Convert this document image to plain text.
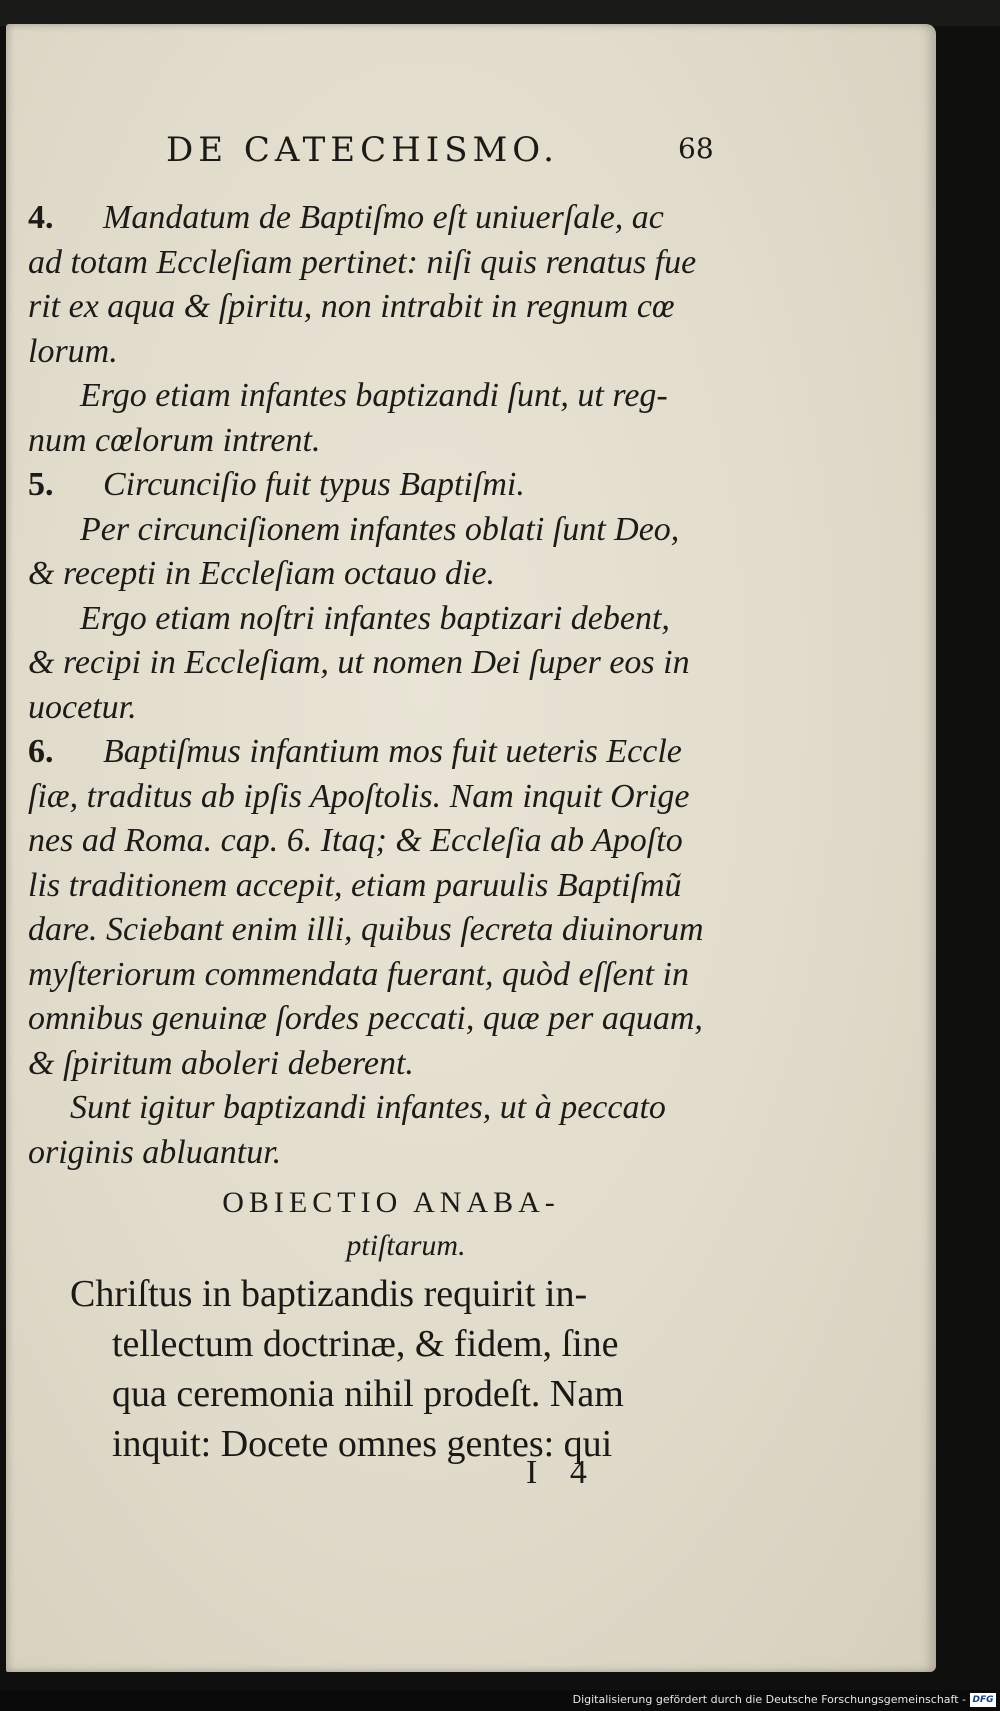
DE CATECHISMO.	68

4. Mandatum de Baptiſmo eſt uniuerſale, ac
ad totam Eccleſiam pertinet: niſi quis renatus fue
rit ex aqua & ſpiritu, non intrabit in regnum cœ
lorum.

Ergo etiam infantes baptizandi ſunt, ut reg-
num cœlorum intrent.

5. Circunciſio fuit typus Baptiſmi.

Per circunciſionem infantes oblati ſunt Deo,
& recepti in Eccleſiam octauo die.

Ergo etiam noſtri infantes baptizari debent,
& recipi in Eccleſiam, ut nomen Dei ſuper eos in
uocetur.

6. Baptiſmus infantium mos fuit ueteris Eccle
ſiæ, traditus ab ipſis Apoſtolis. Nam inquit Orige
nes ad Roma. cap. 6. Itaq; & Eccleſia ab Apoſto
lis traditionem accepit, etiam paruulis Baptiſmũ
dare. Sciebant enim illi, quibus ſecreta diuinorum
myſteriorum commendata fuerant, quòd eſſent in
omnibus genuinæ ſordes peccati, quæ per aquam,
& ſpiritum aboleri deberent.

Sunt igitur baptizandi infantes, ut à peccato
originis abluantur.

OBIECTIO ANABA-
ptiſtarum.

Chriſtus in baptizandis requirit in-

tellectum doctrinæ, & fidem, ſine

qua ceremonia nihil prodeſt. Nam

inquit: Docete omnes gentes: qui

I 4
Digitalisierung gefördert durch die Deutsche Forschungsgemeinschaft - DFG
